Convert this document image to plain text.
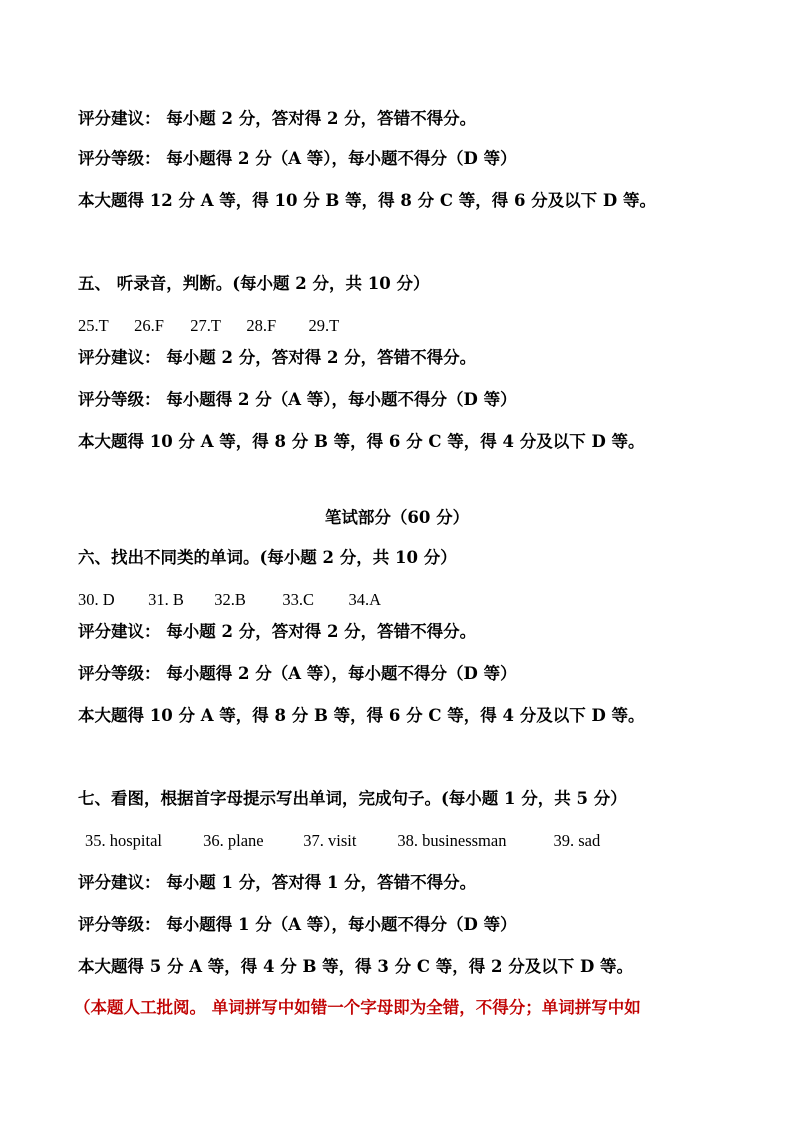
评分建议： 每小题 2 分，答对得 2 分，答错不得分。
评分等级： 每小题得 2 分（A 等），每小题不得分（D 等）
本大题得 12 分 A 等，得 10 分 B 等，得 8 分 C 等，得 6 分及以下 D 等。
五、 听录音，判断。(每小题 2 分，共 10 分）
25.T 26.F 27.T 28.F 29.T
评分建议： 每小题 2 分，答对得 2 分，答错不得分。
评分等级： 每小题得 2 分（A 等），每小题不得分（D 等）
本大题得 10 分 A 等，得 8 分 B 等，得 6 分 C 等，得 4 分及以下 D 等。
笔试部分（60 分）
六、找出不同类的单词。(每小题 2 分，共 10 分）
30. D 31. B 32.B 33.C 34.A
评分建议： 每小题 2 分，答对得 2 分，答错不得分。
评分等级： 每小题得 2 分（A 等），每小题不得分（D 等）
本大题得 10 分 A 等，得 8 分 B 等，得 6 分 C 等，得 4 分及以下 D 等。
七、看图，根据首字母提示写出单词，完成句子。(每小题 1 分，共 5 分）
35. hospital 36. plane 37. visit 38. businessman	39. sad
评分建议： 每小题 1 分，答对得 1 分，答错不得分。
评分等级： 每小题得 1 分（A 等），每小题不得分（D 等）
本大题得 5 分 A 等，得 4 分 B 等，得 3 分 C 等，得 2 分及以下 D 等。
（本题人工批阅。 单词拼写中如错一个字母即为全错，不得分；单词拼写中如
